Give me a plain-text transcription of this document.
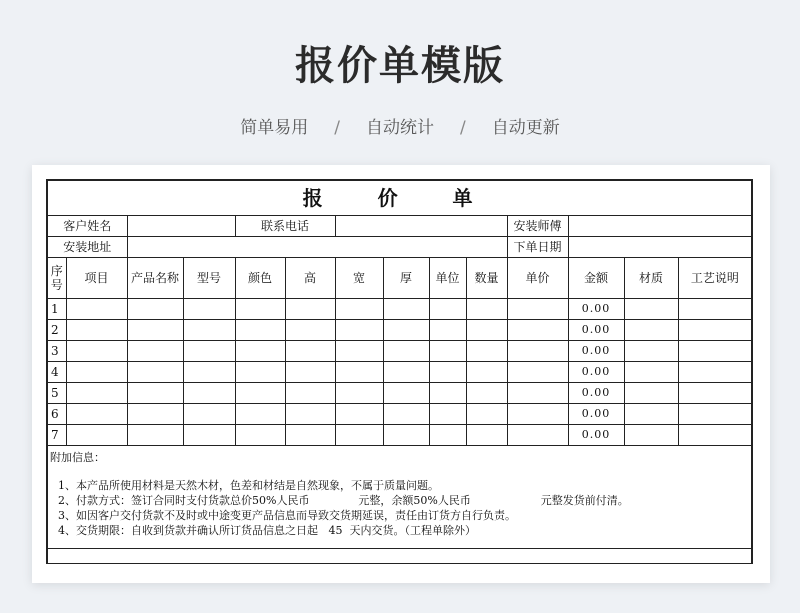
报价单模版
简单易用 / 自动统计 / 自动更新
报 价 单													
客户姓名				联系电话						安装师傅			
安装地址										下单日期			
序号	项目	产品名称	型号	颜色	高	宽	厚	单位	数量	单价	金额	材质	工艺说明
1											0.00		
2											0.00		
3											0.00		
4											0.00		
5											0.00		
6											0.00		
7											0.00		

附加信息：
1、本产品所使用材料是天然木材，色差和材结是自然现象，不属于质量问题。
2、付款方式：签订合同时支付货款总价50%人民币              元整，余额50%人民币                    元整发货前付清。
3、如因客户交付货款不及时或中途变更产品信息而导致交货期延误，责任由订货方自行负责。
4、交货期限：自收到货款并确认所订货品信息之日起   45  天内交货。（工程单除外）													
